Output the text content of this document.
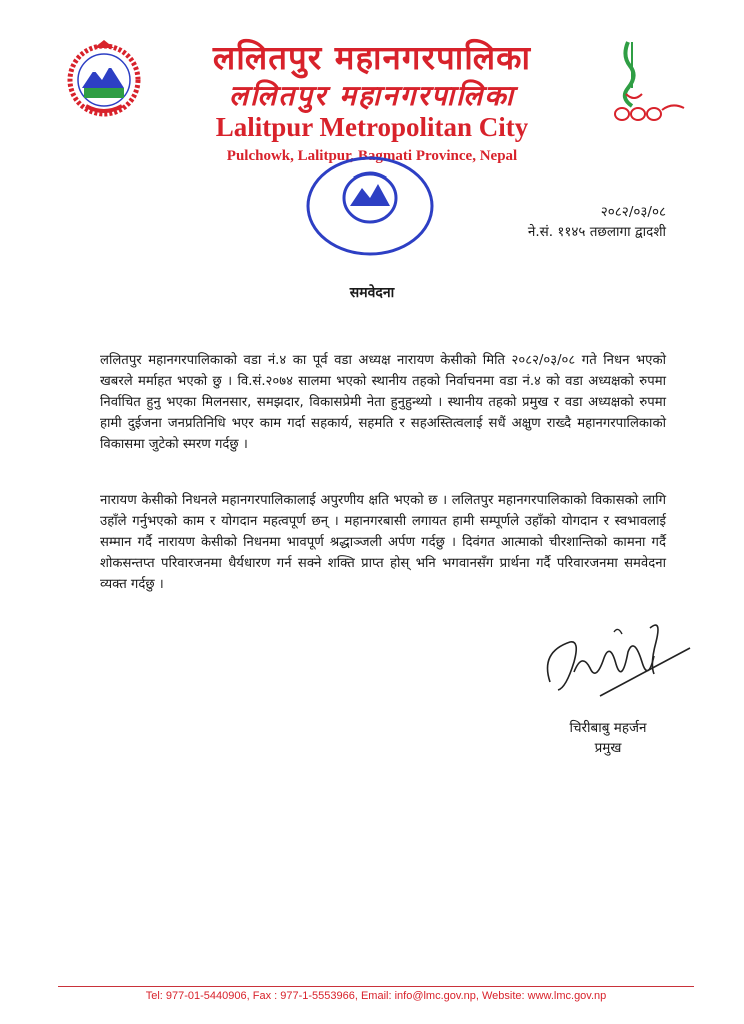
ललितपुर महानगरपालिका
ललितपुर महानगरपालिका
Lalitpur Metropolitan City
Pulchowk, Lalitpur, Bagmati Province, Nepal
२०८२/०३/०८
ने.सं. ११४५ तछलागा द्वादशी
समवेदना

ललितपुर महानगरपालिकाको वडा नं.४ का पूर्व वडा अध्यक्ष नारायण केसीको मिति २०८२/०३/०८ गते निधन भएको खबरले मर्माहत भएको छु । वि.सं.२०७४ सालमा भएको स्थानीय तहको निर्वाचनमा वडा नं.४ को वडा अध्यक्षको रुपमा निर्वाचित हुनु भएका मिलनसार, समझदार, विकासप्रेमी नेता हुनुहुन्थ्यो । स्थानीय तहको प्रमुख र वडा अध्यक्षको रुपमा हामी दुईजना जनप्रतिनिधि भएर काम गर्दा सहकार्य, सहमति र सहअस्तित्वलाई सधैं अक्षुण राख्दै महानगरपालिकाको विकासमा जुटेको स्मरण गर्दछु ।

नारायण केसीको निधनले महानगरपालिकालाई अपुरणीय क्षति भएको छ । ललितपुर महानगरपालिकाको विकासको लागि उहाँले गर्नुभएको काम र योगदान महत्वपूर्ण छन् । महानगरबासी लगायत हामी सम्पूर्णले उहाँको योगदान र स्वभावलाई सम्मान गर्दै नारायण केसीको निधनमा भावपूर्ण श्रद्धाञ्जली अर्पण गर्दछु । दिवंगत आत्माको चीरशान्तिको कामना गर्दै शोकसन्तप्त परिवारजनमा धैर्यधारण गर्न सक्ने शक्ति प्राप्त होस् भनि भगवानसँग प्रार्थना गर्दै परिवारजनमा समवेदना व्यक्त गर्दछु ।

चिरीबाबु महर्जन
प्रमुख
Tel: 977-01-5440906, Fax : 977-1-5553966, Email: info@lmc.gov.np, Website: www.lmc.gov.np
